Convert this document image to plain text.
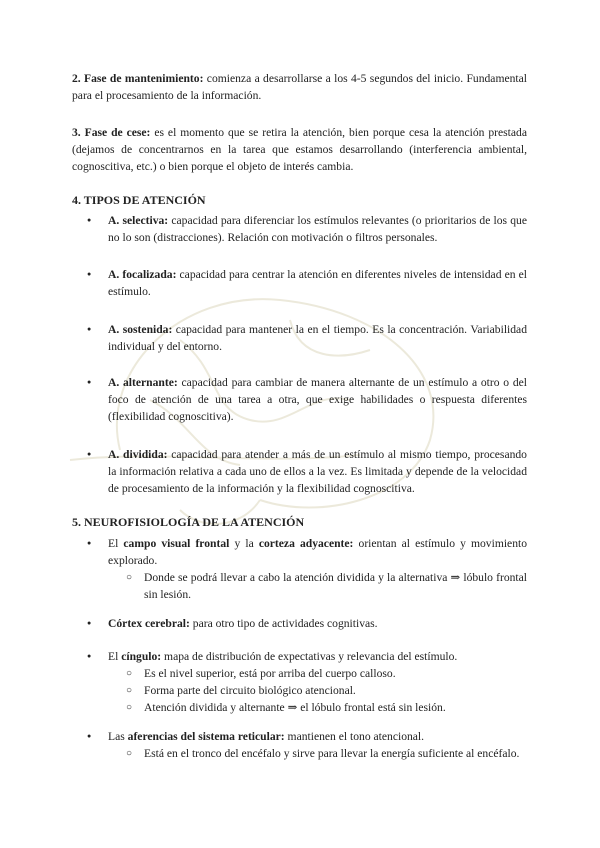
2. Fase de mantenimiento: comienza a desarrollarse a los 4-5 segundos del inicio. Fundamental para el procesamiento de la información.
3. Fase de cese: es el momento que se retira la atención, bien porque cesa la atención prestada (dejamos de concentrarnos en la tarea que estamos desarrollando (interferencia ambiental, cognoscitiva, etc.) o bien porque el objeto de interés cambia.
4. TIPOS DE ATENCIÓN
● A. selectiva: capacidad para diferenciar los estímulos relevantes (o prioritarios de los que no lo son (distracciones). Relación con motivación o filtros personales.
● A. focalizada: capacidad para centrar la atención en diferentes niveles de intensidad en el estímulo.
● A. sostenida: capacidad para mantener la en el tiempo. Es la concentración. Variabilidad individual y del entorno.
● A. alternante: capacidad para cambiar de manera alternante de un estímulo a otro o del foco de atención de una tarea a otra, que exige habilidades o respuesta diferentes (flexibilidad cognoscitiva).
● A. dividida: capacidad para atender a más de un estímulo al mismo tiempo, procesando la información relativa a cada uno de ellos a la vez. Es limitada y depende de la velocidad de procesamiento de la información y la flexibilidad cognoscitiva.
5. NEUROFISIOLOGÍA DE LA ATENCIÓN
● El campo visual frontal y la corteza adyacente: orientan al estímulo y movimiento explorado.
○ Donde se podrá llevar a cabo la atención dividida y la alternativa ⇒ lóbulo frontal sin lesión.
● Córtex cerebral: para otro tipo de actividades cognitivas.
● El cíngulo: mapa de distribución de expectativas y relevancia del estímulo.
○ Es el nivel superior, está por arriba del cuerpo calloso.
○ Forma parte del circuito biológico atencional.
○ Atención dividida y alternante ⇒ el lóbulo frontal está sin lesión.
● Las aferencias del sistema reticular: mantienen el tono atencional.
○ Está en el tronco del encéfalo y sirve para llevar la energía suficiente al encéfalo.
